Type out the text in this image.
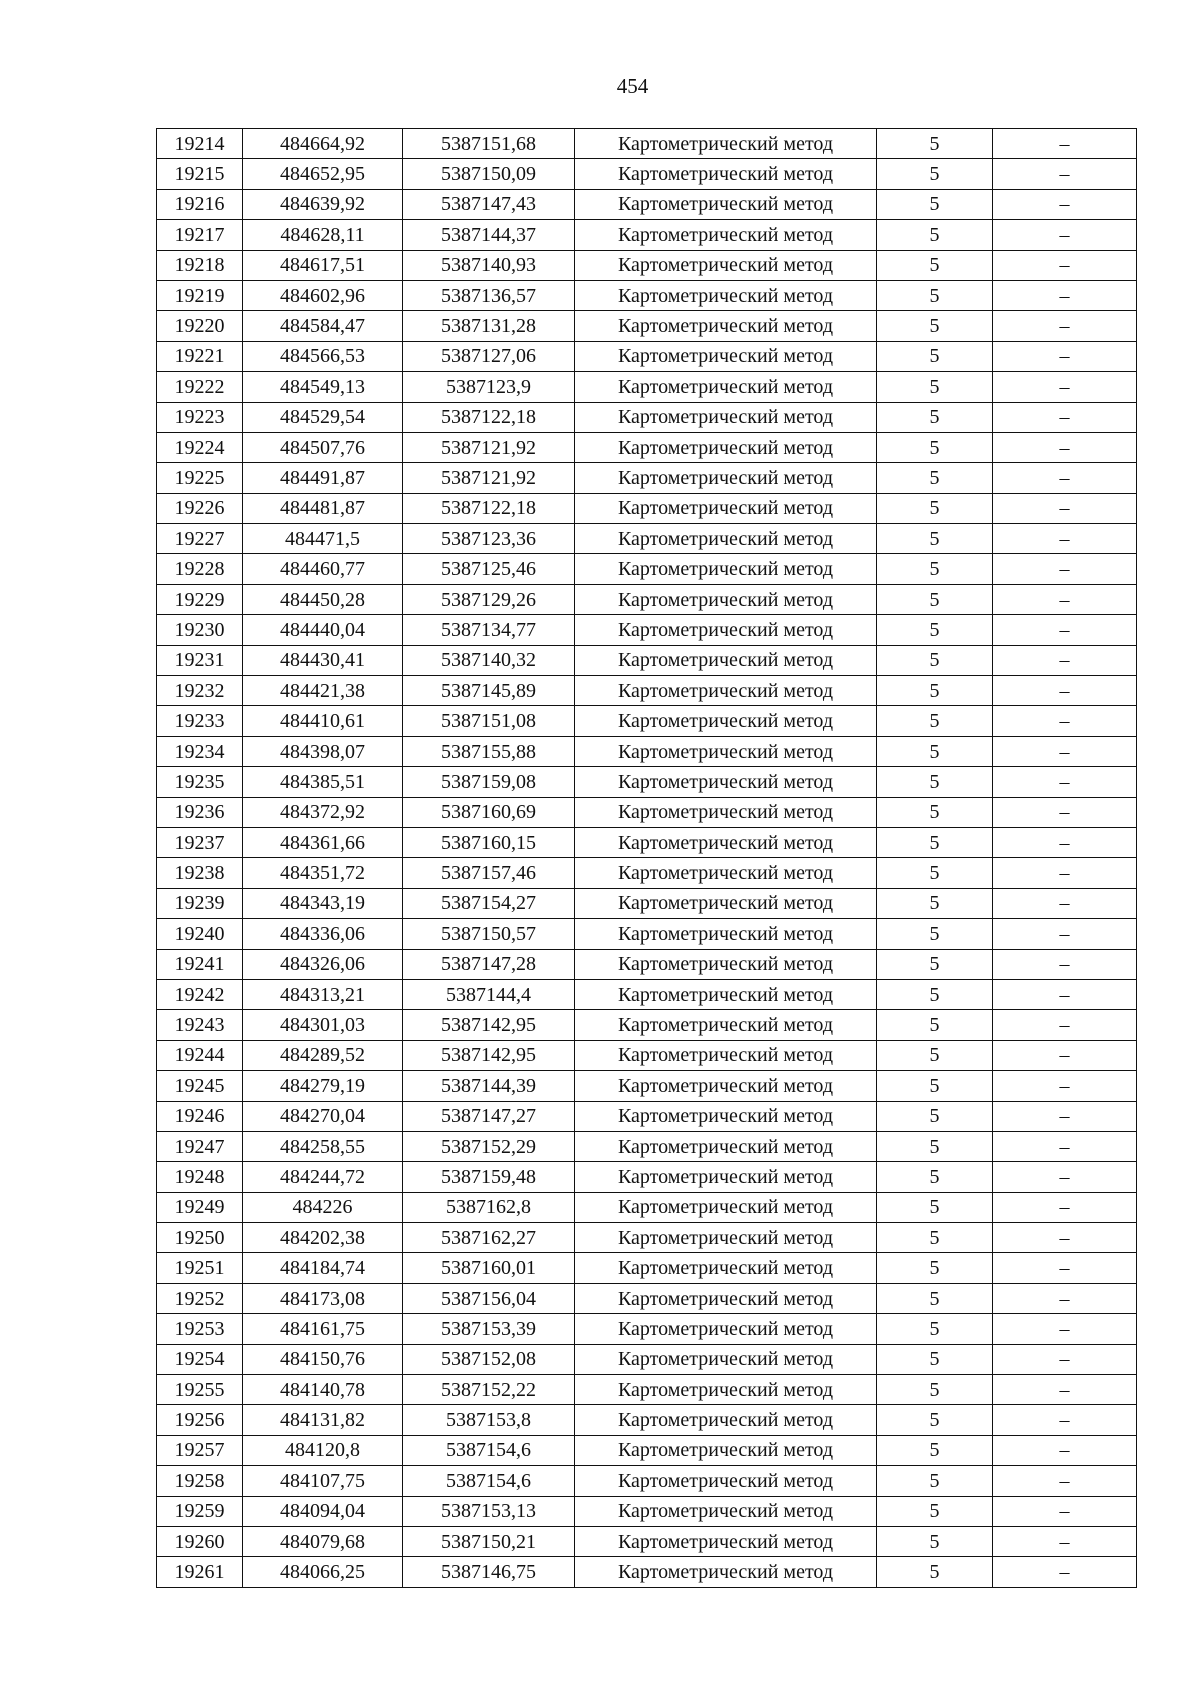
454
19214	484664,92	5387151,68	Картометрический метод	5	–
19215	484652,95	5387150,09	Картометрический метод	5	–
19216	484639,92	5387147,43	Картометрический метод	5	–
19217	484628,11	5387144,37	Картометрический метод	5	–
19218	484617,51	5387140,93	Картометрический метод	5	–
19219	484602,96	5387136,57	Картометрический метод	5	–
19220	484584,47	5387131,28	Картометрический метод	5	–
19221	484566,53	5387127,06	Картометрический метод	5	–
19222	484549,13	5387123,9	Картометрический метод	5	–
19223	484529,54	5387122,18	Картометрический метод	5	–
19224	484507,76	5387121,92	Картометрический метод	5	–
19225	484491,87	5387121,92	Картометрический метод	5	–
19226	484481,87	5387122,18	Картометрический метод	5	–
19227	484471,5	5387123,36	Картометрический метод	5	–
19228	484460,77	5387125,46	Картометрический метод	5	–
19229	484450,28	5387129,26	Картометрический метод	5	–
19230	484440,04	5387134,77	Картометрический метод	5	–
19231	484430,41	5387140,32	Картометрический метод	5	–
19232	484421,38	5387145,89	Картометрический метод	5	–
19233	484410,61	5387151,08	Картометрический метод	5	–
19234	484398,07	5387155,88	Картометрический метод	5	–
19235	484385,51	5387159,08	Картометрический метод	5	–
19236	484372,92	5387160,69	Картометрический метод	5	–
19237	484361,66	5387160,15	Картометрический метод	5	–
19238	484351,72	5387157,46	Картометрический метод	5	–
19239	484343,19	5387154,27	Картометрический метод	5	–
19240	484336,06	5387150,57	Картометрический метод	5	–
19241	484326,06	5387147,28	Картометрический метод	5	–
19242	484313,21	5387144,4	Картометрический метод	5	–
19243	484301,03	5387142,95	Картометрический метод	5	–
19244	484289,52	5387142,95	Картометрический метод	5	–
19245	484279,19	5387144,39	Картометрический метод	5	–
19246	484270,04	5387147,27	Картометрический метод	5	–
19247	484258,55	5387152,29	Картометрический метод	5	–
19248	484244,72	5387159,48	Картометрический метод	5	–
19249	484226	5387162,8	Картометрический метод	5	–
19250	484202,38	5387162,27	Картометрический метод	5	–
19251	484184,74	5387160,01	Картометрический метод	5	–
19252	484173,08	5387156,04	Картометрический метод	5	–
19253	484161,75	5387153,39	Картометрический метод	5	–
19254	484150,76	5387152,08	Картометрический метод	5	–
19255	484140,78	5387152,22	Картометрический метод	5	–
19256	484131,82	5387153,8	Картометрический метод	5	–
19257	484120,8	5387154,6	Картометрический метод	5	–
19258	484107,75	5387154,6	Картометрический метод	5	–
19259	484094,04	5387153,13	Картометрический метод	5	–
19260	484079,68	5387150,21	Картометрический метод	5	–
19261	484066,25	5387146,75	Картометрический метод	5	–
